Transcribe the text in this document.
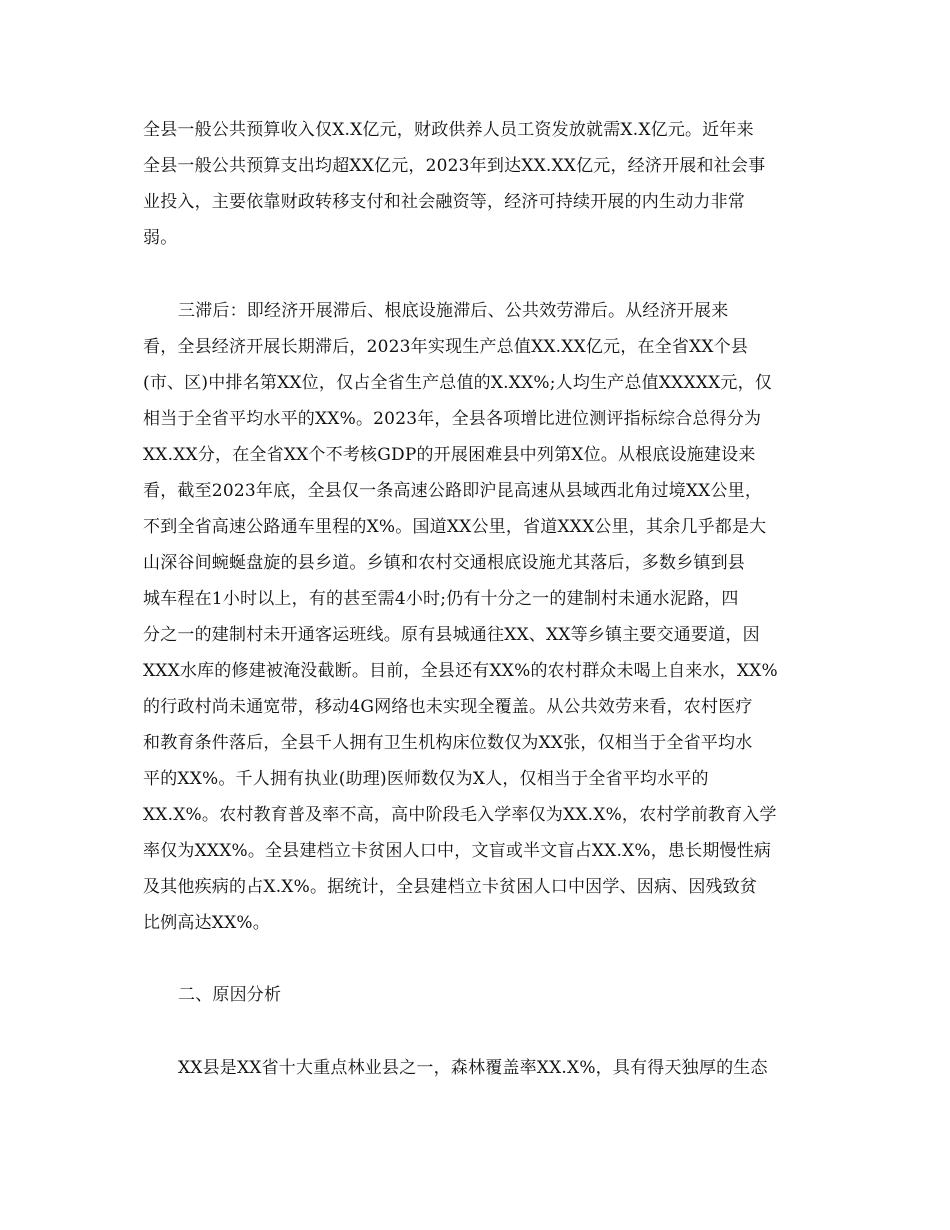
全县一般公共预算收入仅X.X亿元，财政供养人员工资发放就需X.X亿元。近年来
全县一般公共预算支出均超XX亿元，2023年到达XX.XX亿元，经济开展和社会事
业投入，主要依靠财政转移支付和社会融资等，经济可持续开展的内生动力非常
弱。
三滞后：即经济开展滞后、根底设施滞后、公共效劳滞后。从经济开展来
看，全县经济开展长期滞后，2023年实现生产总值XX.XX亿元，在全省XX个县
(市、区)中排名第XX位，仅占全省生产总值的X.XX%;人均生产总值XXXXX元，仅
相当于全省平均水平的XX%。2023年，全县各项增比进位测评指标综合总得分为
XX.XX分，在全省XX个不考核GDP的开展困难县中列第X位。从根底设施建设来
看，截至2023年底，全县仅一条高速公路即沪昆高速从县域西北角过境XX公里，
不到全省高速公路通车里程的X%。国道XX公里，省道XXX公里，其余几乎都是大
山深谷间蜿蜒盘旋的县乡道。乡镇和农村交通根底设施尤其落后，多数乡镇到县
城车程在1小时以上，有的甚至需4小时;仍有十分之一的建制村未通水泥路，四
分之一的建制村未开通客运班线。原有县城通往XX、XX等乡镇主要交通要道，因
XXX水库的修建被淹没截断。目前，全县还有XX%的农村群众未喝上自来水，XX%
的行政村尚未通宽带，移动4G网络也未实现全覆盖。从公共效劳来看，农村医疗
和教育条件落后，全县千人拥有卫生机构床位数仅为XX张，仅相当于全省平均水
平的XX%。千人拥有执业(助理)医师数仅为X人，仅相当于全省平均水平的
XX.X%。农村教育普及率不高，高中阶段毛入学率仅为XX.X%，农村学前教育入学
率仅为XXX%。全县建档立卡贫困人口中，文盲或半文盲占XX.X%，患长期慢性病
及其他疾病的占X.X%。据统计，全县建档立卡贫困人口中因学、因病、因残致贫
比例高达XX%。
二、原因分析
XX县是XX省十大重点林业县之一，森林覆盖率XX.X%，具有得天独厚的生态
